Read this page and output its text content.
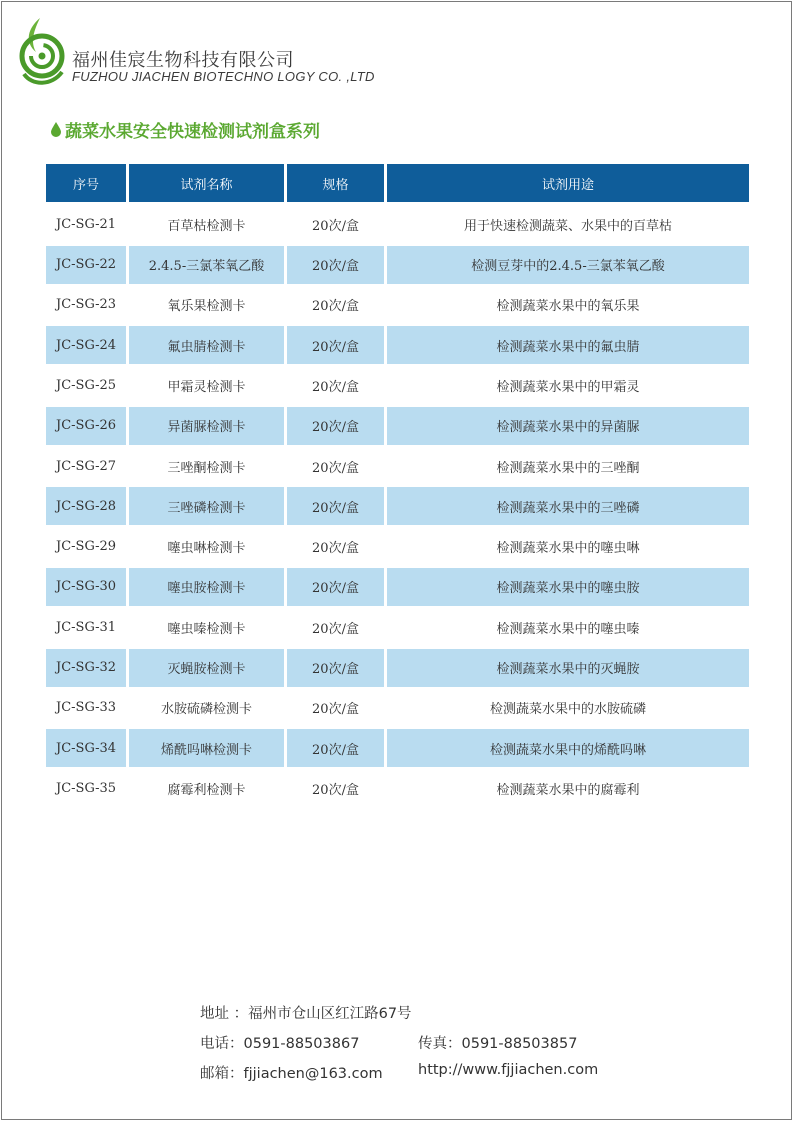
福州佳宸生物科技有限公司
FUZHOU JIACHEN BIOTECHNO LOGY CO. ,LTD
蔬菜水果安全快速检测试剂盒系列
序号	试剂名称	规格	试剂用途
JC-SG-21	百草枯检测卡	20次/盒	用于快速检测蔬菜、水果中的百草枯
JC-SG-22	2.4.5-三氯苯氧乙酸	20次/盒	检测豆芽中的2.4.5-三氯苯氧乙酸
JC-SG-23	氧乐果检测卡	20次/盒	检测蔬菜水果中的氧乐果
JC-SG-24	氟虫腈检测卡	20次/盒	检测蔬菜水果中的氟虫腈
JC-SG-25	甲霜灵检测卡	20次/盒	检测蔬菜水果中的甲霜灵
JC-SG-26	异菌脲检测卡	20次/盒	检测蔬菜水果中的异菌脲
JC-SG-27	三唑酮检测卡	20次/盒	检测蔬菜水果中的三唑酮
JC-SG-28	三唑磷检测卡	20次/盒	检测蔬菜水果中的三唑磷
JC-SG-29	噻虫啉检测卡	20次/盒	检测蔬菜水果中的噻虫啉
JC-SG-30	噻虫胺检测卡	20次/盒	检测蔬菜水果中的噻虫胺
JC-SG-31	噻虫嗪检测卡	20次/盒	检测蔬菜水果中的噻虫嗪
JC-SG-32	灭蝇胺检测卡	20次/盒	检测蔬菜水果中的灭蝇胺
JC-SG-33	水胺硫磷检测卡	20次/盒	检测蔬菜水果中的水胺硫磷
JC-SG-34	烯酰吗啉检测卡	20次/盒	检测蔬菜水果中的烯酰吗啉
JC-SG-35	腐霉利检测卡	20次/盒	检测蔬菜水果中的腐霉利
地址 ：福州市仓山区红江路67号
电话：0591-88503867	传真：0591-88503857
邮箱：fjjiachen@163.com	http://www.fjjiachen.com
